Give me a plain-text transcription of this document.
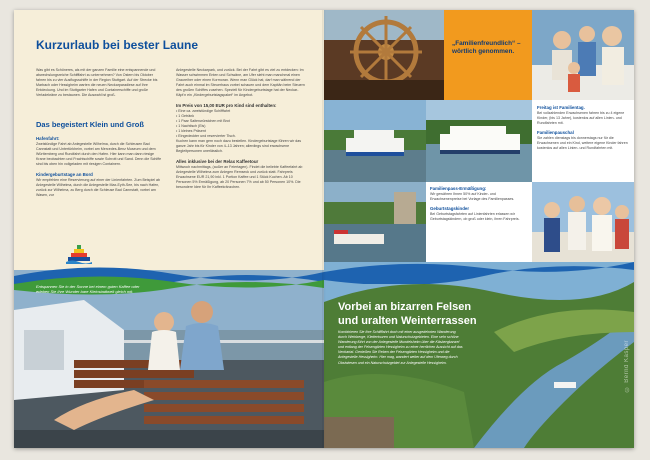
Kurzurlaub bei bester Laune

Was gibt es Schöneres, als mit der ganzen Familie eine entspannende und abwechslungsreiche Schifffahrt zu unternehmen? Von Ostern bis Oktober fahren bis zu vier Ausflugsschiffe in der Region Stuttgart. Auf der Strecke bis Marbach oder Hessigheim warten die neuen Neckarparadiese auf Ihre Entdeckung. Und im Stuttgarter Hafen und Containerschiffe und große Verladekräne zu bestaunen. Die Auswahl ist groß.

Das begeistert Klein und Groß
Hafenfahrt:

Zweistündige Fahrt ab Anlegestelle Wilhelma, durch die Schleusen Bad Cannstatt und Untertürkheim, vorbei am Mercedes-Benz Museum und dem Württemberg und Rundfahrt durch den Hafen. Hier kann man dann riesige Krane beobachten und Frachtschiffe sowie Schrott und Sand. Denn die Schiffe sind bis oben hin vollgeladen mit riesigen Containern.

Kindergeburtstage an Bord

Wir empfehlen eine Reservierung auf einer der Linienfahrten. Zum Beispiel ab Anlegestelle Wilhelma, durch die Anlegestelle Max-Eyth-See, bis nach Hafen, zurück zur Wilhelma, zu Berg durch die Schleuse Bad Cannstatt, vorbei am Wasen, zur

Anlegestelle Neckarpark, und zurück. Bei der Fahrt gibt es viel zu entdecken: Im Wasser schwimmen Enten und Schwäne, am Ufer sieht man manchmal einen Graureiher oder einen Kormoran. Wenn man Glück hat, darf man während der Fahrt auch einmal im Steuerhaus vorbei schauen und dem Kapitän beim Steuern des großen Schiffes zusehen. Speziell für Kindergeburtstage hat der Neckar-Käpt'n ein „Kindergeburtstagspaket“ im Angebot.

Im Preis von 15,00 EUR pro Kind sind enthalten:
• Eine ca. zweistündige Schifffahrt
• 1 Getränk
• 1 Paar Saitenwürstchen mit Brot
• 1 Nachtisch (Eis)
• 1 kleines Präsent
• Eingedeckter und reservierter Tisch.

Kuchen kann man gern noch dazu bestellen. Kindergeburtstage führen wir das ganze Jahr bis für Kinder von 4–13 Jahren; allerdings sind erwachsene Begleitpersonen unerlässlich.

Alles inklusive bei der Relax Kaffeetour

Mittwoch nachmittags, (außer an Feiertagen). Findet die beliebte Kaffeefahrt ab Anlegestelle Wilhelma zum Anlegen Remseck und zurück statt. Fahrpreis Erwachsene EUR 21,90 inkl. 1 Portion Kaffee und 1 Stück Kuchen. Ab 10 Personen 5% Ermäßigung, ab 20 Personen 7% und ab 50 Personen 10%. Die besondere Idee für Ihr Kaffeekränzchen.

Entspannen Sie in der Sonne bei einem guten Kaffee oder erleben Sie Ihre Wunder bare Kleinstadtwelt gleich mit.
„Familienfreundlich“ – wörtlich genommen.
Freitag ist Familientag.
Bei vollzahlenden Erwachsenen fahren bis zu 4 eigene Kinder, (bis 13 Jahre), kostenlos auf allen Linien- und Rundfahrten mit.
Familienpauschal
Sie zahlen dienstags bis donnerstags nur für die Erwachsenen und ein Kind, weitere eigene Kinder fahren kostenlos auf allen Linien- und Rundfahrten mit.
Familienpass-Ermäßigung:
Wir gewähren Ihnen 50% auf Kinder- und Erwachsenenpreise bei Vorlage des Familienpasses.
Geburtstagskinder
Bei Geburtstagsfahrten auf Linienfahrten erlassen wir Geburtstagskindern, ob groß oder klein, ihren Fahrpreis.
Vorbei an bizarren Felsen
und uralten Weinterrassen
Kombinieren Sie Ihre Schifffahrt doch mit einer ausgedehnten Wanderung durch Weinberge, Klettertouren und Naturschutzgebieten. Eine sehr schöne Wanderung führt von der Anlegestelle Mundelsheim über die Käsbergkanzel und entlang der Felsengärten Hessigheim zu einer herrlichen Aussicht auf das Neckartal. Genießen Sie Reben der Felsengärten Hessigheim und die Anlegestelle Hessigheim. Hier mag, wandert weiter auf dem Uferweg durch Obstwiesen und ein Naturschutzgebiet zur Anlegestelle Hessigheim.	© Bernd Kasper
